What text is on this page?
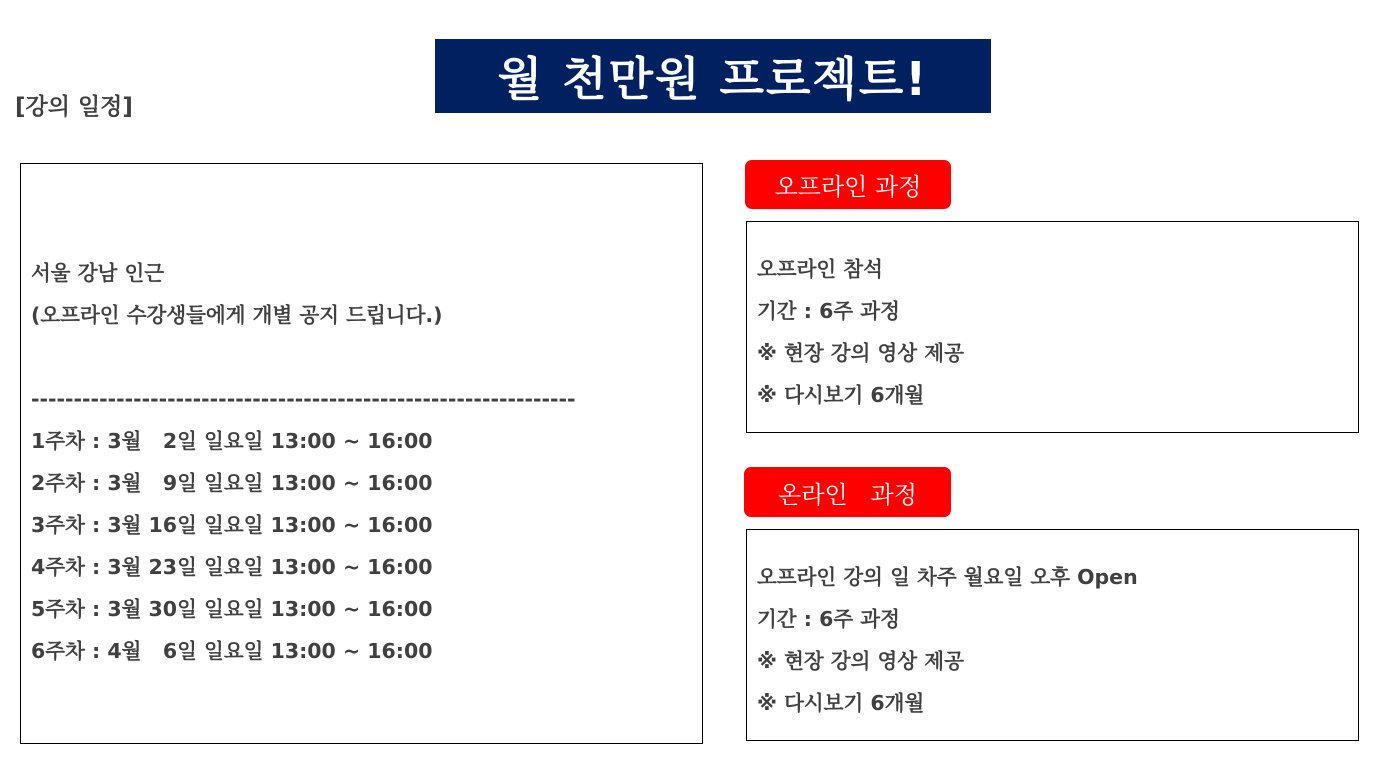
월 천만원 프로젝트!
[강의 일정]
서울 강남 인근
(오프라인 수강생들에게 개별 공지 드립니다.)
----------------------------------------------------------------
1주차 : 3월   2일 일요일 13:00 ~ 16:00
2주차 : 3월   9일 일요일 13:00 ~ 16:00
3주차 : 3월 16일 일요일 13:00 ~ 16:00
4주차 : 3월 23일 일요일 13:00 ~ 16:00
5주차 : 3월 30일 일요일 13:00 ~ 16:00
6주차 : 4월   6일 일요일 13:00 ~ 16:00
오프라인 과정
오프라인 참석
기간 : 6주 과정
※ 현장 강의 영상 제공
※ 다시보기 6개월
온라인   과정
오프라인 강의 일 차주 월요일 오후 Open
기간 : 6주 과정
※ 현장 강의 영상 제공
※ 다시보기 6개월
